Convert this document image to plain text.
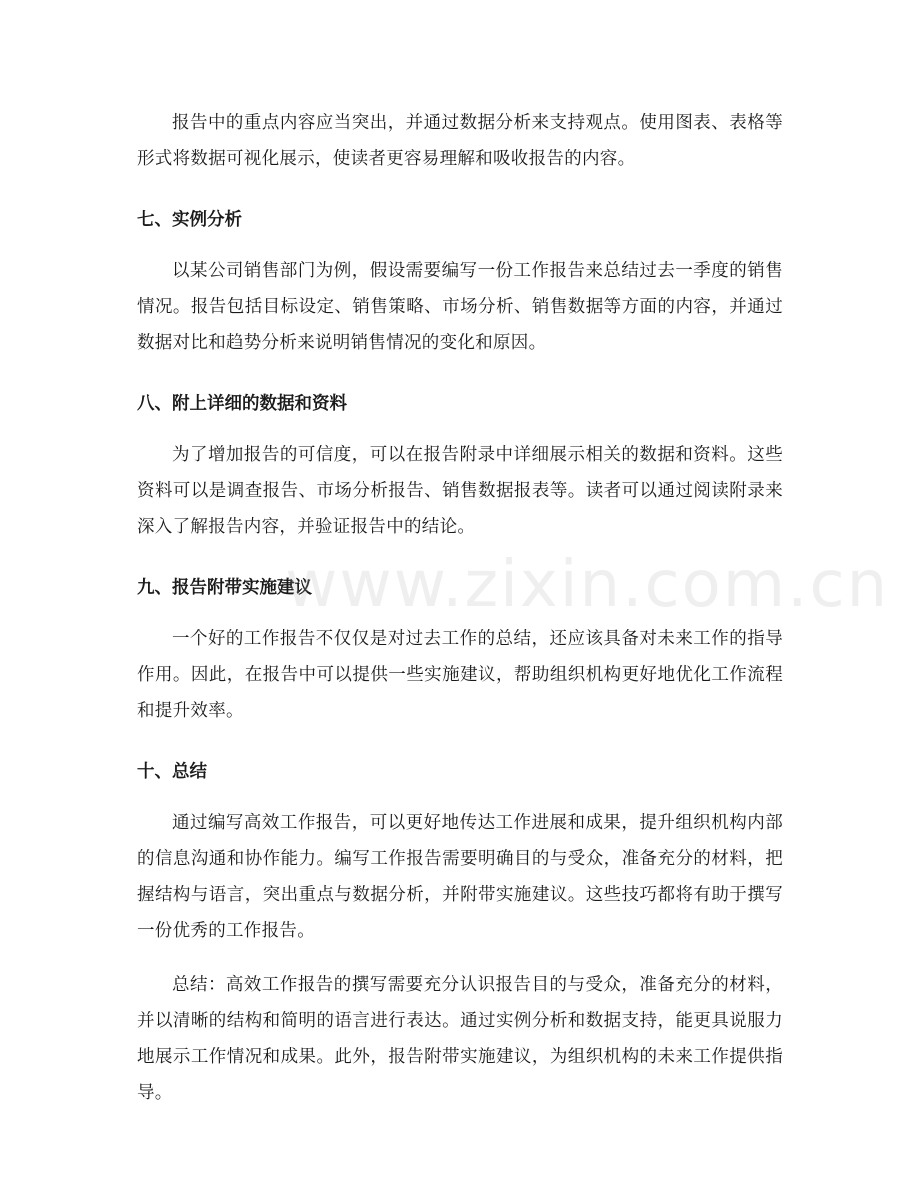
报告中的重点内容应当突出，并通过数据分析来支持观点。使用图表、表格等形式将数据可视化展示，使读者更容易理解和吸收报告的内容。

七、实例分析

以某公司销售部门为例，假设需要编写一份工作报告来总结过去一季度的销售情况。报告包括目标设定、销售策略、市场分析、销售数据等方面的内容，并通过数据对比和趋势分析来说明销售情况的变化和原因。

八、附上详细的数据和资料

为了增加报告的可信度，可以在报告附录中详细展示相关的数据和资料。这些资料可以是调查报告、市场分析报告、销售数据报表等。读者可以通过阅读附录来深入了解报告内容，并验证报告中的结论。

九、报告附带实施建议

一个好的工作报告不仅仅是对过去工作的总结，还应该具备对未来工作的指导作用。因此，在报告中可以提供一些实施建议，帮助组织机构更好地优化工作流程和提升效率。

十、总结

通过编写高效工作报告，可以更好地传达工作进展和成果，提升组织机构内部的信息沟通和协作能力。编写工作报告需要明确目的与受众，准备充分的材料，把握结构与语言，突出重点与数据分析，并附带实施建议。这些技巧都将有助于撰写一份优秀的工作报告。

总结：高效工作报告的撰写需要充分认识报告目的与受众，准备充分的材料，并以清晰的结构和简明的语言进行表达。通过实例分析和数据支持，能更具说服力地展示工作情况和成果。此外，报告附带实施建议，为组织机构的未来工作提供指导。

www.zixin.com.cn
